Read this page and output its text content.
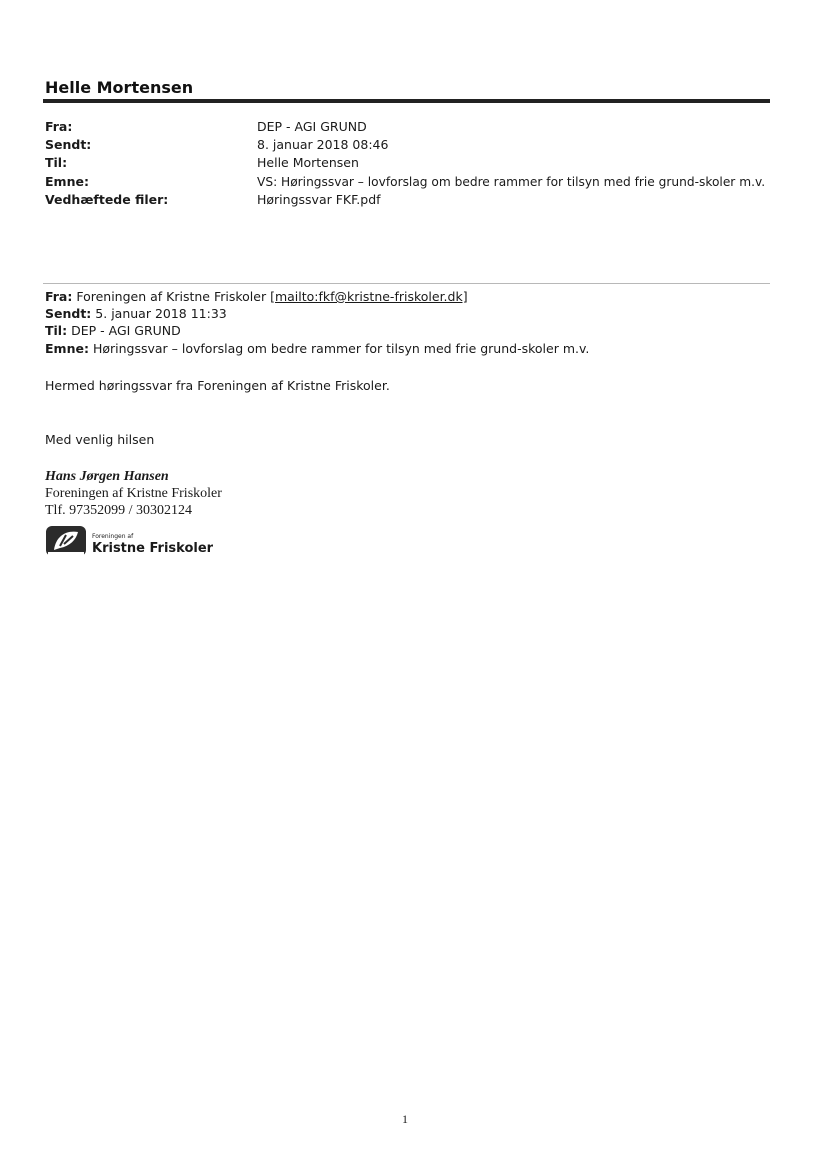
Helle Mortensen
Fra:	DEP - AGI GRUND
Sendt:	8. januar 2018 08:46
Til:	Helle Mortensen
Emne:	VS: Høringssvar – lovforslag om bedre rammer for tilsyn med frie grund-skoler m.v.
Vedhæftede filer:	Høringssvar FKF.pdf
Fra: Foreningen af Kristne Friskoler [mailto:fkf@kristne-friskoler.dk]
Sendt: 5. januar 2018 11:33
Til: DEP - AGI GRUND
Emne: Høringssvar – lovforslag om bedre rammer for tilsyn med frie grund-skoler m.v.
Hermed høringssvar fra Foreningen af Kristne Friskoler.
Med venlig hilsen
Hans Jørgen Hansen
Foreningen af Kristne Friskoler
Tlf. 97352099 / 30302124
Foreningen af
Kristne Friskoler
1
